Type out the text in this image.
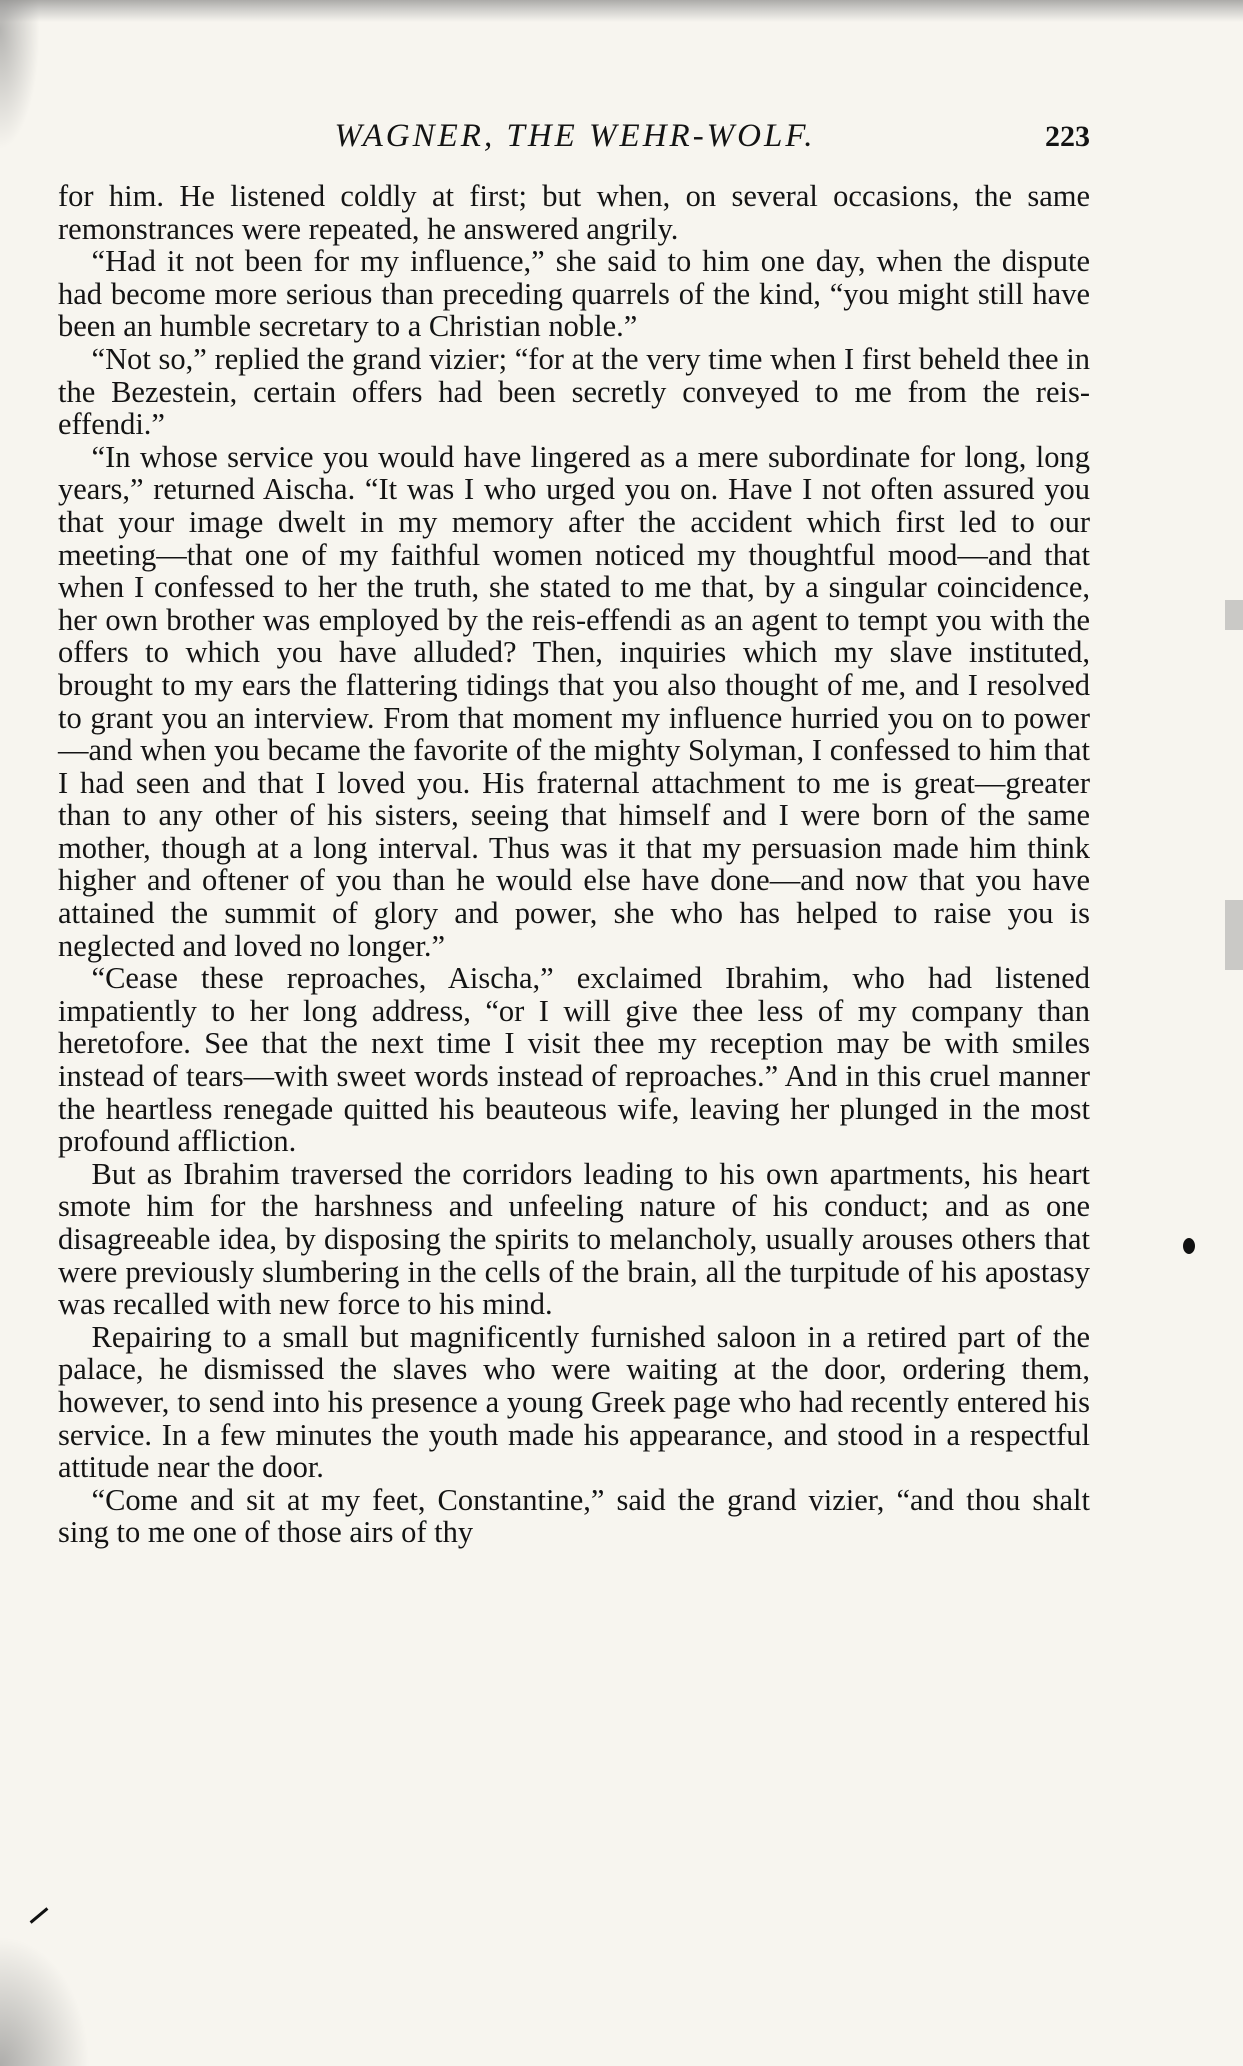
WAGNER, THE WEHR-WOLF.	223

for him. He listened coldly at first; but when, on several occasions, the same remonstrances were repeated, he answered angrily.

“Had it not been for my influence,” she said to him one day, when the dispute had become more serious than preceding quarrels of the kind, “you might still have been an humble secretary to a Christian noble.”

“Not so,” replied the grand vizier; “for at the very time when I first beheld thee in the Bezestein, certain offers had been secretly conveyed to me from the reis-effendi.”

“In whose service you would have lingered as a mere subordinate for long, long years,” returned Aischa. “It was I who urged you on. Have I not often assured you that your image dwelt in my memory after the accident which first led to our meeting—that one of my faithful women noticed my thoughtful mood—and that when I confessed to her the truth, she stated to me that, by a singular coincidence, her own brother was employed by the reis-effendi as an agent to tempt you with the offers to which you have alluded? Then, inquiries which my slave instituted, brought to my ears the flattering tidings that you also thought of me, and I resolved to grant you an interview. From that moment my influence hurried you on to power—and when you became the favorite of the mighty Solyman, I confessed to him that I had seen and that I loved you. His fraternal attachment to me is great—greater than to any other of his sisters, seeing that himself and I were born of the same mother, though at a long interval. Thus was it that my persuasion made him think higher and oftener of you than he would else have done—and now that you have attained the summit of glory and power, she who has helped to raise you is neglected and loved no longer.”

“Cease these reproaches, Aischa,” exclaimed Ibrahim, who had listened impatiently to her long address, “or I will give thee less of my company than heretofore. See that the next time I visit thee my reception may be with smiles instead of tears—with sweet words instead of reproaches.” And in this cruel manner the heartless renegade quitted his beauteous wife, leaving her plunged in the most profound affliction.

But as Ibrahim traversed the corridors leading to his own apartments, his heart smote him for the harshness and unfeeling nature of his conduct; and as one disagreeable idea, by disposing the spirits to melancholy, usually arouses others that were previously slumbering in the cells of the brain, all the turpitude of his apostasy was recalled with new force to his mind.

Repairing to a small but magnificently furnished saloon in a retired part of the palace, he dismissed the slaves who were waiting at the door, ordering them, however, to send into his presence a young Greek page who had recently entered his service. In a few minutes the youth made his appearance, and stood in a respectful attitude near the door.

“Come and sit at my feet, Constantine,” said the grand vizier, “and thou shalt sing to me one of those airs of thy
